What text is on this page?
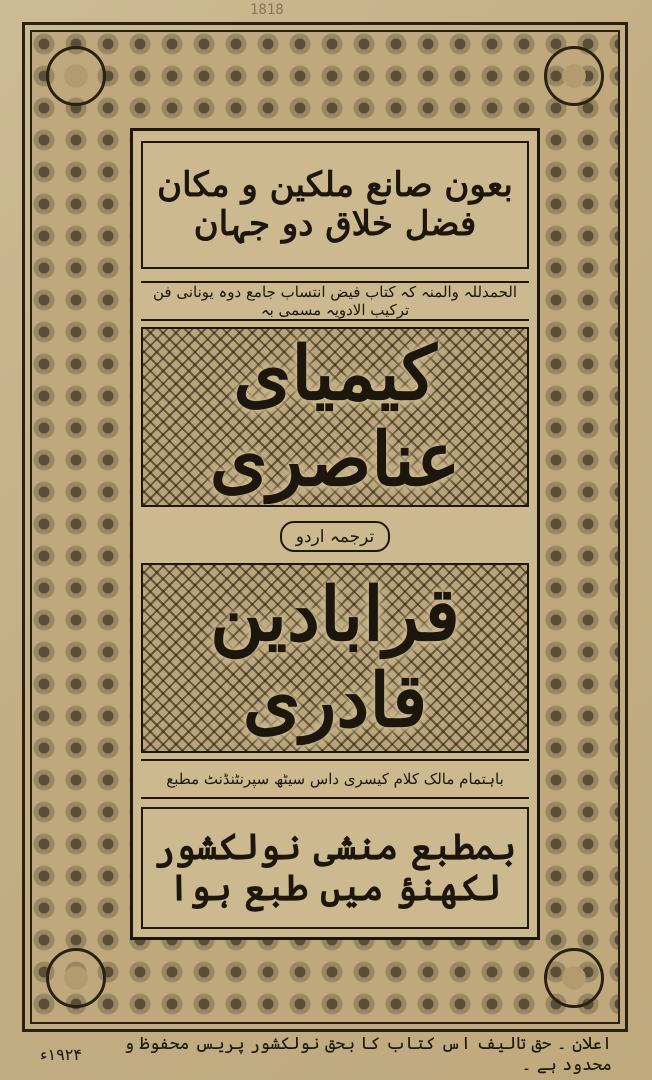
1818
بعون صانع ملکین و مکان فضل خلاق دو جہان
الحمدللہ والمنہ کہ کتاب فیض انتساب جامع دوہ یونانی فن ترکیب الادویہ مسمی بہ
کیمیای عناصری
ترجمہ اردو
قرابادین قادری
باہتمام مالک کلام کیسری داس سیٹھ سپرنٹنڈنٹ مطبع
بمطبع منشی نولکشور لکھنؤ میں طبع ہوا
اعلان ۔ حق تالیف اس کتاب کا بحق نولکشور پریس محفوظ و محدود ہے ۔
۱۹۲۴ء
